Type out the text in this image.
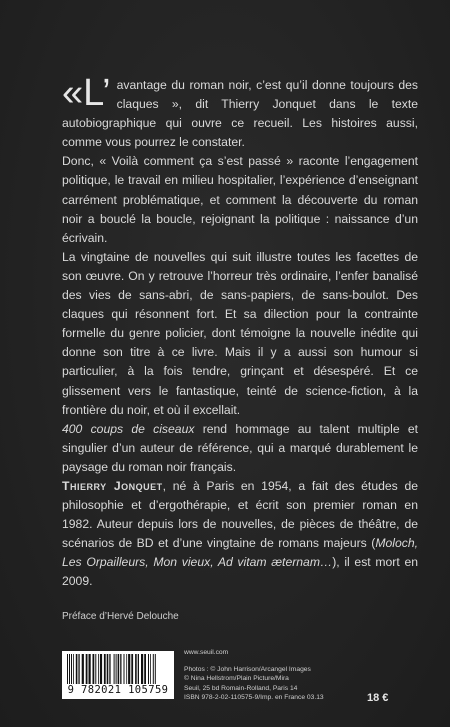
«L’ avantage du roman noir, c’est qu’il donne toujours des claques », dit Thierry Jonquet dans le texte autobiographique qui ouvre ce recueil. Les histoires aussi, comme vous pourrez le constater.

Donc, « Voilà comment ça s’est passé » raconte l’engagement politique, le travail en milieu hospitalier, l’expérience d’enseignant carrément problématique, et comment la découverte du roman noir a bouclé la boucle, rejoignant la politique : naissance d’un écrivain.

La vingtaine de nouvelles qui suit illustre toutes les facettes de son œuvre. On y retrouve l’horreur très ordinaire, l’enfer banalisé des vies de sans-abri, de sans-papiers, de sans-boulot. Des claques qui résonnent fort. Et sa dilection pour la contrainte formelle du genre policier, dont témoigne la nouvelle inédite qui donne son titre à ce livre. Mais il y a aussi son humour si particulier, à la fois tendre, grinçant et désespéré. Et ce glissement vers le fantastique, teinté de science-fiction, à la frontière du noir, et où il excellait.

400 coups de ciseaux rend hommage au talent multiple et singulier d’un auteur de référence, qui a marqué durablement le paysage du roman noir français.

Thierry Jonquet, né à Paris en 1954, a fait des études de philosophie et d’ergothérapie, et écrit son premier roman en 1982. Auteur depuis lors de nouvelles, de pièces de théâtre, de scénarios de BD et d’une vingtaine de romans majeurs (Moloch, Les Orpailleurs, Mon vieux, Ad vitam æternam…), il est mort en 2009.

Préface d’Hervé Delouche
9 782021 105759
www.seuil.com
Photos : © John Harrison/Arcangel Images
© Nina Hellstrom/Plain Picture/Mira
Seuil, 25 bd Romain-Rolland, Paris 14
ISBN 978-2-02-110575-9/Imp. en France 03.13	18 €
